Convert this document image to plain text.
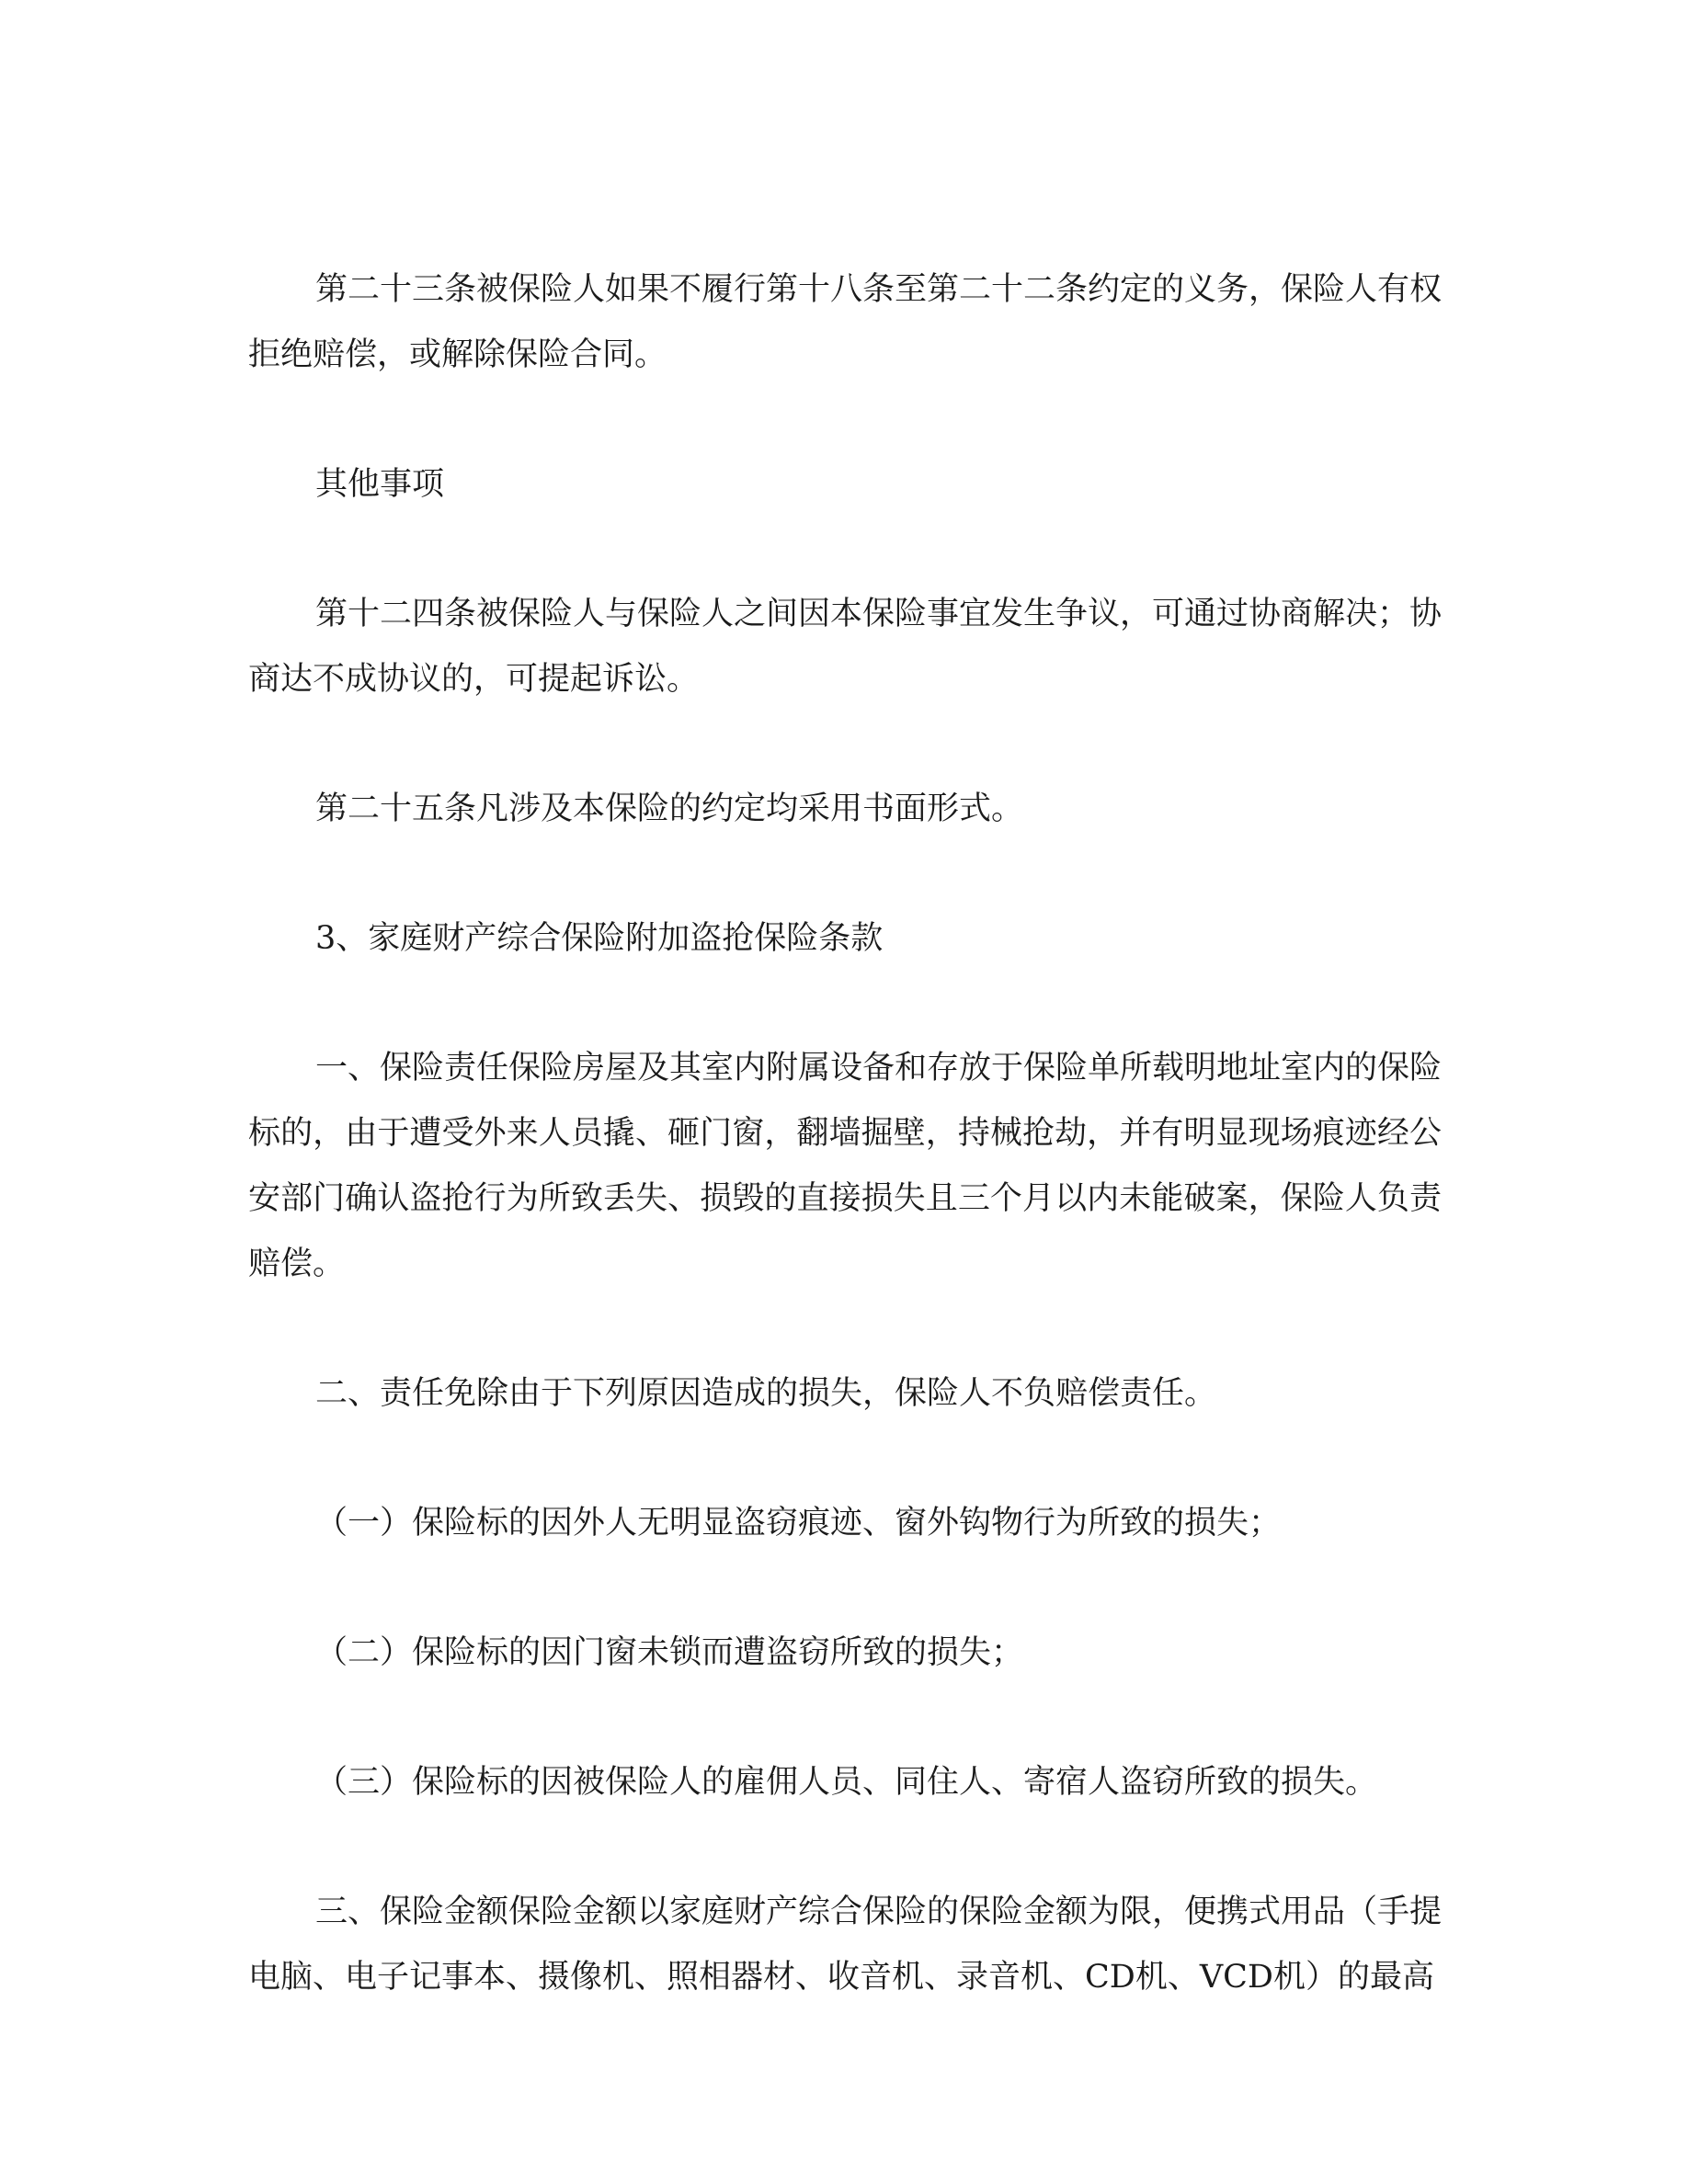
第二十三条被保险人如果不履行第十八条至第二十二条约定的义务，保险人有权拒绝赔偿，或解除保险合同。

其他事项

第十二四条被保险人与保险人之间因本保险事宜发生争议，可通过协商解决；协商达不成协议的，可提起诉讼。

第二十五条凡涉及本保险的约定均采用书面形式。

3、家庭财产综合保险附加盗抢保险条款

一、保险责任保险房屋及其室内附属设备和存放于保险单所载明地址室内的保险标的，由于遭受外来人员撬、砸门窗，翻墙掘壁，持械抢劫，并有明显现场痕迹经公安部门确认盗抢行为所致丢失、损毁的直接损失且三个月以内未能破案，保险人负责赔偿。

二、责任免除由于下列原因造成的损失，保险人不负赔偿责任。

（一）保险标的因外人无明显盗窃痕迹、窗外钩物行为所致的损失；

（二）保险标的因门窗未锁而遭盗窃所致的损失；

（三）保险标的因被保险人的雇佣人员、同住人、寄宿人盗窃所致的损失。

三、保险金额保险金额以家庭财产综合保险的保险金额为限，便携式用品（手提电脑、电子记事本、摄像机、照相器材、收音机、录音机、CD机、VCD机）的最高
